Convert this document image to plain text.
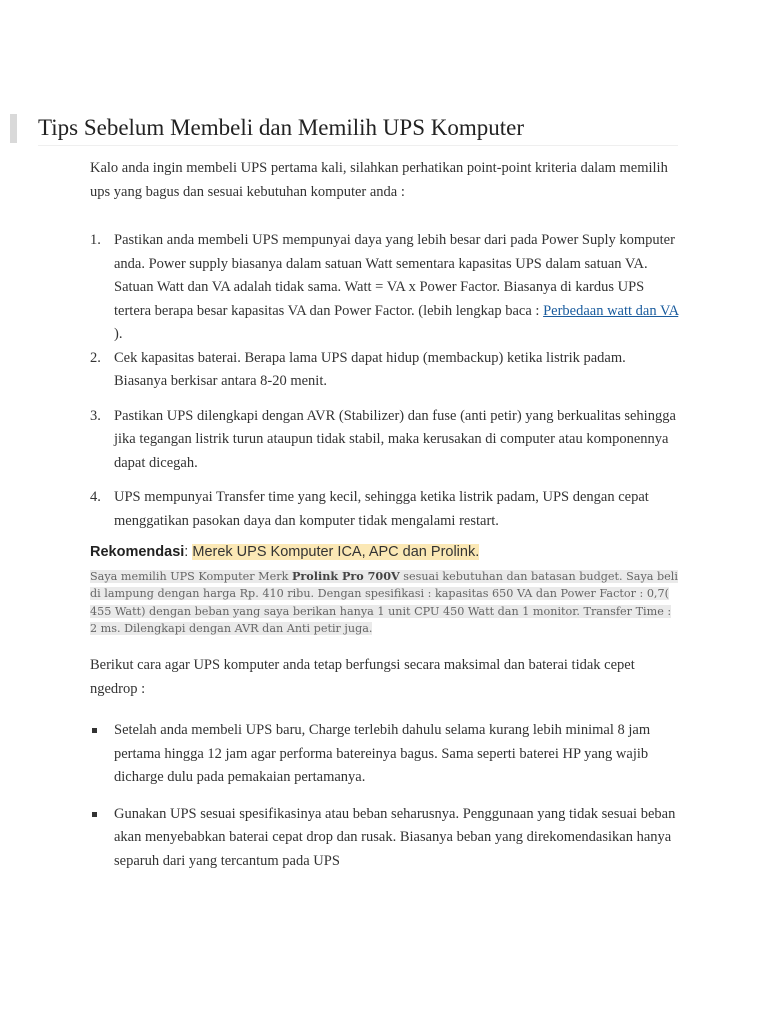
Tips Sebelum Membeli dan Memilih UPS Komputer

Kalo anda ingin membeli UPS pertama kali, silahkan perhatikan point-point kriteria dalam memilih ups yang bagus dan sesuai kebutuhan komputer anda :

1. Pastikan anda membeli UPS mempunyai daya yang lebih besar dari pada Power Suply komputer anda. Power supply biasanya dalam satuan Watt sementara kapasitas UPS dalam satuan VA. Satuan Watt dan VA adalah tidak sama. Watt = VA x Power Factor. Biasanya di kardus UPS tertera berapa besar kapasitas VA dan Power Factor. (lebih lengkap baca : Perbedaan watt dan VA ).
2. Cek kapasitas baterai. Berapa lama UPS dapat hidup (membackup) ketika listrik padam. Biasanya berkisar antara 8-20 menit.
3. Pastikan UPS dilengkapi dengan AVR (Stabilizer) dan fuse (anti petir) yang berkualitas sehingga jika tegangan listrik turun ataupun tidak stabil, maka kerusakan di computer atau komponennya dapat dicegah.
4. UPS mempunyai Transfer time yang kecil, sehingga ketika listrik padam, UPS dengan cepat menggatikan pasokan daya dan komputer tidak mengalami restart.
Rekomendasi: Merek UPS Komputer ICA, APC dan Prolink.
Saya memilih UPS Komputer Merk Prolink Pro 700V sesuai kebutuhan dan batasan budget. Saya beli di lampung dengan harga Rp. 410 ribu. Dengan spesifikasi : kapasitas 650 VA dan Power Factor : 0,7( 455 Watt) dengan beban yang saya berikan hanya 1 unit CPU 450 Watt dan 1 monitor. Transfer Time : 2 ms. Dilengkapi dengan AVR dan Anti petir juga.

Berikut cara agar UPS komputer anda tetap berfungsi secara maksimal dan baterai tidak cepet ngedrop :

Setelah anda membeli UPS baru, Charge terlebih dahulu selama kurang lebih minimal 8 jam pertama hingga 12 jam agar performa batereinya bagus. Sama seperti baterei HP yang wajib dicharge dulu pada pemakaian pertamanya.
Gunakan UPS sesuai spesifikasinya atau beban seharusnya. Penggunaan yang tidak sesuai beban akan menyebabkan baterai cepat drop dan rusak. Biasanya beban yang direkomendasikan hanya separuh dari yang tercantum pada UPS
